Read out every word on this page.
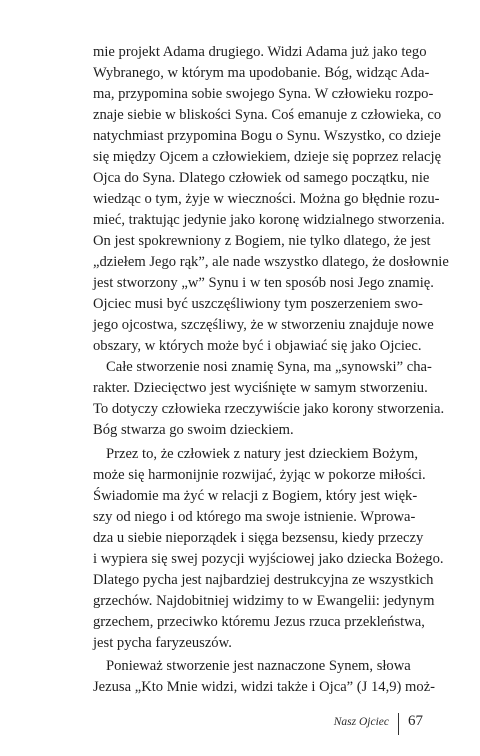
mie projekt Adama drugiego. Widzi Adama już jako tego
Wybranego, w którym ma upodobanie. Bóg, widząc Ada-
ma, przypomina sobie swojego Syna. W człowieku rozpo-
znaje siebie w bliskości Syna. Coś emanuje z człowieka, co
natychmiast przypomina Bogu o Synu. Wszystko, co dzieje
się między Ojcem a człowiekiem, dzieje się poprzez relację
Ojca do Syna. Dlatego człowiek od samego początku, nie
wiedząc o tym, żyje w wieczności. Można go błędnie rozu-
mieć, traktując jedynie jako koronę widzialnego stworzenia.
On jest spokrewniony z Bogiem, nie tylko dlatego, że jest
„dziełem Jego rąk”, ale nade wszystko dlatego, że dosłownie
jest stworzony „w” Synu i w ten sposób nosi Jego znamię.
Ojciec musi być uszczęśliwiony tym poszerzeniem swo-
jego ojcostwa, szczęśliwy, że w stworzeniu znajduje nowe
obszary, w których może być i objawiać się jako Ojciec.
Całe stworzenie nosi znamię Syna, ma „synowski” cha-
rakter. Dziecięctwo jest wyciśnięte w samym stworzeniu.
To dotyczy człowieka rzeczywiście jako korony stworzenia.
Bóg stwarza go swoim dzieckiem.
Przez to, że człowiek z natury jest dzieckiem Bożym,
może się harmonijnie rozwijać, żyjąc w pokorze miłości.
Świadomie ma żyć w relacji z Bogiem, który jest więk-
szy od niego i od którego ma swoje istnienie. Wprowa-
dza u siebie nieporządek i sięga bezsensu, kiedy przeczy
i wypiera się swej pozycji wyjściowej jako dziecka Bożego.
Dlatego pycha jest najbardziej destrukcyjna ze wszystkich
grzechów. Najdobitniej widzimy to w Ewangelii: jedynym
grzechem, przeciwko któremu Jezus rzuca przekleństwa,
jest pycha faryzeuszów.
Ponieważ stworzenie jest naznaczone Synem, słowa
Jezusa „Kto Mnie widzi, widzi także i Ojca” (J 14,9) moż-
Nasz Ojciec 67
